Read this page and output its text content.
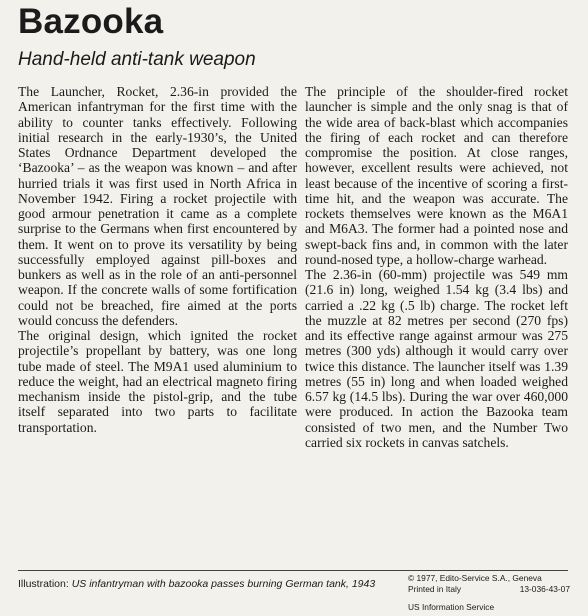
Bazooka
Hand-held anti-tank weapon

The Launcher, Rocket, 2.36-in provided the American infantryman for the first time with the ability to counter tanks effectively. Following initial research in the early-1930’s, the United States Ordnance Department developed the ‘Bazooka’ – as the weapon was known – and after hurried trials it was first used in North Africa in November 1942. Firing a rocket projectile with good armour penetration it came as a complete surprise to the Germans when first encountered by them. It went on to prove its versatility by being successfully employed against pill-boxes and bunkers as well as in the role of an anti-personnel weapon. If the concrete walls of some fortification could not be breached, fire aimed at the ports would concuss the defenders.

The original design, which ignited the rocket projectile’s propellant by battery, was one long tube made of steel. The M9A1 used aluminium to reduce the weight, had an electrical magneto firing mechanism inside the pistol-grip, and the tube itself separated into two parts to facilitate transportation.

The principle of the shoulder-fired rocket launcher is simple and the only snag is that of the wide area of back-blast which accompanies the firing of each rocket and can therefore compromise the position. At close ranges, however, excellent results were achieved, not least because of the incentive of scoring a first-time hit, and the weapon was accurate. The rockets themselves were known as the M6A1 and M6A3. The former had a pointed nose and swept-back fins and, in common with the later round-nosed type, a hollow-charge warhead.

The 2.36-in (60-mm) projectile was 549 mm (21.6 in) long, weighed 1.54 kg (3.4 lbs) and carried a .22 kg (.5 lb) charge. The rocket left the muzzle at 82 metres per second (270 fps) and its effective range against armour was 275 metres (300 yds) although it would carry over twice this distance. The launcher itself was 1.39 metres (55 in) long and when loaded weighed 6.57 kg (14.5 lbs). During the war over 460,000 were produced. In action the Bazooka team consisted of two men, and the Number Two carried six rockets in canvas satchels.

Illustration: US infantryman with bazooka passes burning German tank, 1943	© 1977, Edito-Service S.A., Geneva
Printed in Italy	13-036-43-07
US Information Service
